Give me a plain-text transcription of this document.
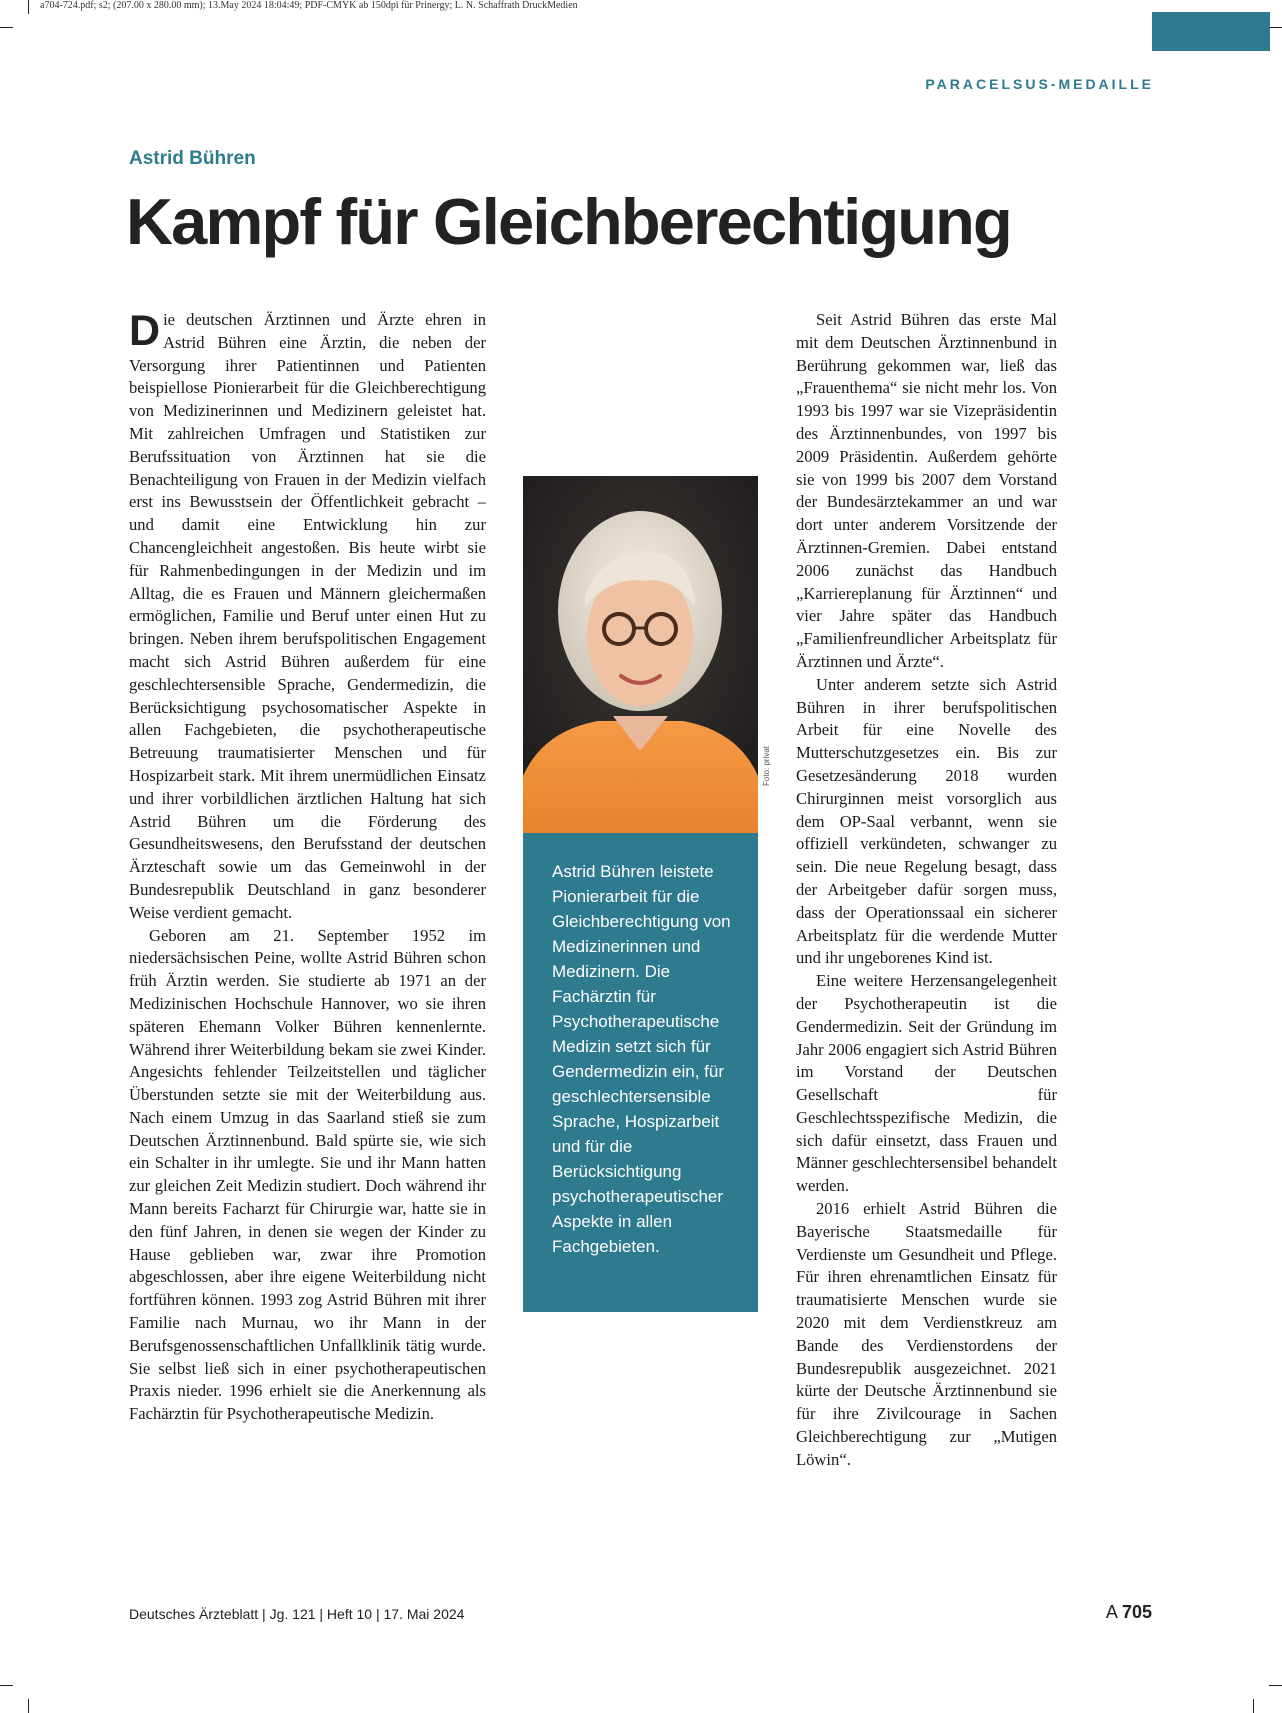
a704-724.pdf; s2; (207.00 x 280.00 mm); 13.May 2024 18:04:49; PDF-CMYK ab 150dpi für Prinergy; L. N. Schaffrath DruckMedien
PARACELSUS-MEDAILLE
Astrid Bühren
Kampf für Gleichberechtigung

Die deutschen Ärztinnen und Ärzte ehren in Astrid Bühren eine Ärztin, die neben der Versorgung ihrer Patientinnen und Patienten beispiellose Pionierarbeit für die Gleichberechtigung von Medizinerinnen und Medizinern geleistet hat. Mit zahlreichen Umfragen und Statistiken zur Berufssituation von Ärztinnen hat sie die Benachteiligung von Frauen in der Medizin vielfach erst ins Bewusstsein der Öffentlichkeit gebracht – und damit eine Entwicklung hin zur Chancengleichheit angestoßen. Bis heute wirbt sie für Rahmenbedingungen in der Medizin und im Alltag, die es Frauen und Männern gleichermaßen ermöglichen, Familie und Beruf unter einen Hut zu bringen. Neben ihrem berufspolitischen Engagement macht sich Astrid Bühren außerdem für eine geschlechtersensible Sprache, Gendermedizin, die Berücksichtigung psychosomatischer Aspekte in allen Fachgebieten, die psychotherapeutische Betreuung traumatisierter Menschen und für Hospizarbeit stark. Mit ihrem unermüdlichen Einsatz und ihrer vorbildlichen ärztlichen Haltung hat sich Astrid Bühren um die Förderung des Gesundheitswesens, den Berufsstand der deutschen Ärzteschaft sowie um das Gemeinwohl in der Bundesrepublik Deutschland in ganz besonderer Weise verdient gemacht.

Geboren am 21. September 1952 im niedersächsischen Peine, wollte Astrid Bühren schon früh Ärztin werden. Sie studierte ab 1971 an der Medizinischen Hochschule Hannover, wo sie ihren späteren Ehemann Volker Bühren kennenlernte. Während ihrer Weiterbildung bekam sie zwei Kinder. Angesichts fehlender Teilzeitstellen und täglicher Überstunden setzte sie mit der Weiterbildung aus. Nach einem Umzug in das Saarland stieß sie zum Deutschen Ärztinnenbund. Bald spürte sie, wie sich ein Schalter in ihr umlegte. Sie und ihr Mann hatten zur gleichen Zeit Medizin studiert. Doch während ihr Mann bereits Facharzt für Chirurgie war, hatte sie in den fünf Jahren, in denen sie wegen der Kinder zu Hause geblieben war, zwar ihre Promotion abgeschlossen, aber ihre eigene Weiterbildung nicht fortführen können. 1993 zog Astrid Bühren mit ihrer Familie nach Murnau, wo ihr Mann in der Berufsgenossenschaftlichen Unfallklinik tätig wurde. Sie selbst ließ sich in einer psychotherapeutischen Praxis nieder. 1996 erhielt sie die Anerkennung als Fachärztin für Psychotherapeutische Medizin.

Foto: privat

Astrid Bühren leistete Pionierarbeit für die Gleichberechtigung von Medizinerinnen und Medizinern. Die Fachärztin für Psychotherapeutische Medizin setzt sich für Gendermedizin ein, für geschlechtersensible Sprache, Hospizarbeit und für die Berücksichtigung psychotherapeutischer Aspekte in allen Fachgebieten.

Seit Astrid Bühren das erste Mal mit dem Deutschen Ärztinnenbund in Berührung gekommen war, ließ das „Frauenthema“ sie nicht mehr los. Von 1993 bis 1997 war sie Vizepräsidentin des Ärztinnenbundes, von 1997 bis 2009 Präsidentin. Außerdem gehörte sie von 1999 bis 2007 dem Vorstand der Bundesärztekammer an und war dort unter anderem Vorsitzende der Ärztinnen-Gremien. Dabei entstand 2006 zunächst das Handbuch „Karriereplanung für Ärztinnen“ und vier Jahre später das Handbuch „Familienfreundlicher Arbeitsplatz für Ärztinnen und Ärzte“.

Unter anderem setzte sich Astrid Bühren in ihrer berufspolitischen Arbeit für eine Novelle des Mutterschutzgesetzes ein. Bis zur Gesetzesänderung 2018 wurden Chirurginnen meist vorsorglich aus dem OP-Saal verbannt, wenn sie offiziell verkündeten, schwanger zu sein. Die neue Regelung besagt, dass der Arbeitgeber dafür sorgen muss, dass der Operationssaal ein sicherer Arbeitsplatz für die werdende Mutter und ihr ungeborenes Kind ist.

Eine weitere Herzensangelegenheit der Psychotherapeutin ist die Gendermedizin. Seit der Gründung im Jahr 2006 engagiert sich Astrid Bühren im Vorstand der Deutschen Gesellschaft für Geschlechtsspezifische Medizin, die sich dafür einsetzt, dass Frauen und Männer geschlechtersensibel behandelt werden.

2016 erhielt Astrid Bühren die Bayerische Staatsmedaille für Verdienste um Gesundheit und Pflege. Für ihren ehrenamtlichen Einsatz für traumatisierte Menschen wurde sie 2020 mit dem Verdienstkreuz am Bande des Verdienstordens der Bundesrepublik ausgezeichnet. 2021 kürte der Deutsche Ärztinnenbund sie für ihre Zivilcourage in Sachen Gleichberechtigung zur „Mutigen Löwin“.

Deutsches Ärzteblatt | Jg. 121 | Heft 10 | 17. Mai 2024	A 705
